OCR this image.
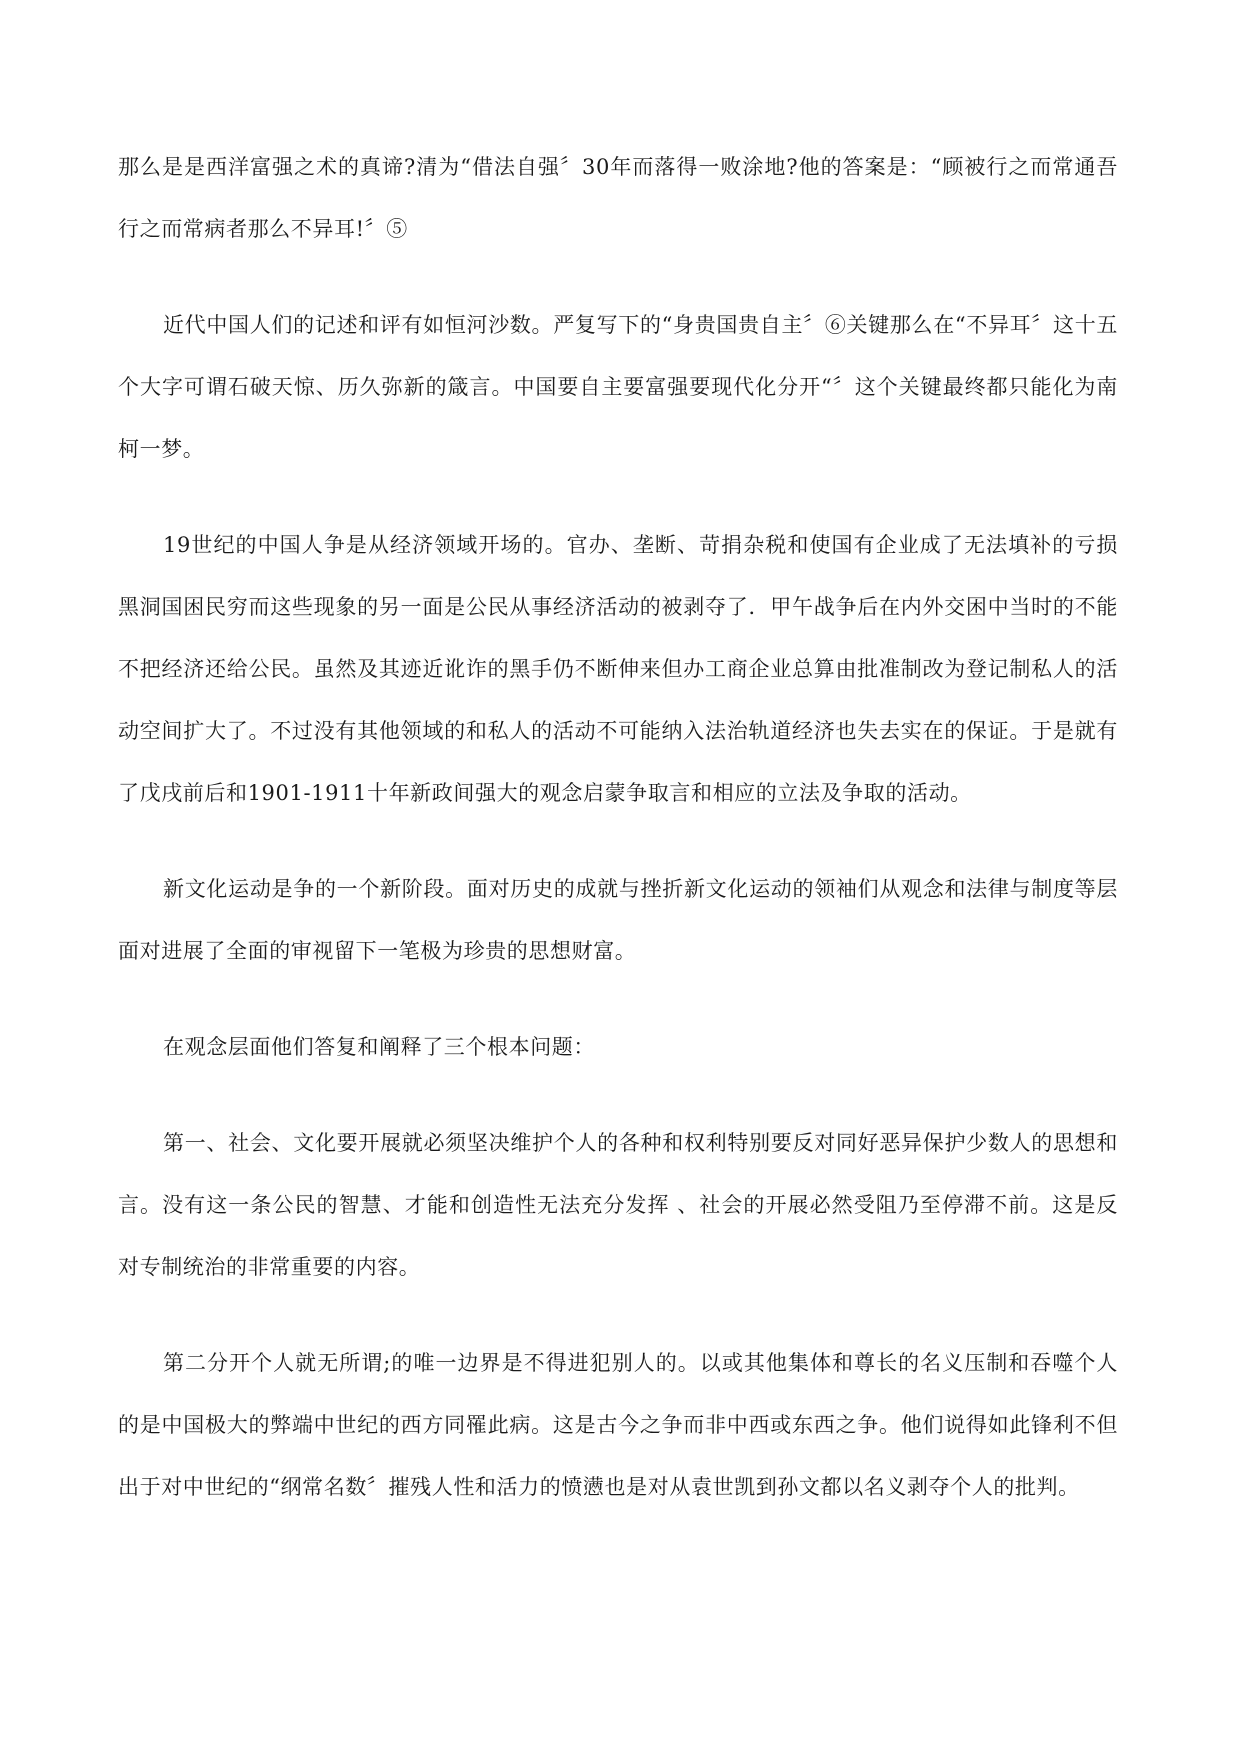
那么是是西洋富强之术的真谛?清为“借法自强〞30年而落得一败涂地?他的答案是：“顾被行之而常通吾行之而常病者那么不异耳!〞⑤

近代中国人们的记述和评有如恒河沙数。严复写下的“身贵国贵自主〞⑥关键那么在“不异耳〞这十五个大字可谓石破天惊、历久弥新的箴言。中国要自主要富强要现代化分开“〞这个关键最终都只能化为南柯一梦。

19世纪的中国人争是从经济领域开场的。官办、垄断、苛捐杂税和使国有企业成了无法填补的亏损黑洞国困民穷而这些现象的另一面是公民从事经济活动的被剥夺了．甲午战争后在内外交困中当时的不能不把经济还给公民。虽然及其迹近讹诈的黑手仍不断伸来但办工商企业总算由批准制改为登记制私人的活动空间扩大了。不过没有其他领域的和私人的活动不可能纳入法治轨道经济也失去实在的保证。于是就有了戊戌前后和1901-1911十年新政间强大的观念启蒙争取言和相应的立法及争取的活动。

新文化运动是争的一个新阶段。面对历史的成就与挫折新文化运动的领袖们从观念和法律与制度等层面对进展了全面的审视留下一笔极为珍贵的思想财富。

在观念层面他们答复和阐释了三个根本问题：

第一、社会、文化要开展就必须坚决维护个人的各种和权利特别要反对同好恶异保护少数人的思想和言。没有这一条公民的智慧、才能和创造性无法充分发挥 、社会的开展必然受阻乃至停滞不前。这是反对专制统治的非常重要的内容。

第二分开个人就无所谓;的唯一边界是不得进犯别人的。以或其他集体和尊长的名义压制和吞噬个人的是中国极大的弊端中世纪的西方同罹此病。这是古今之争而非中西或东西之争。他们说得如此锋利不但出于对中世纪的“纲常名数〞摧残人性和活力的愤懑也是对从袁世凯到孙文都以名义剥夺个人的批判。
